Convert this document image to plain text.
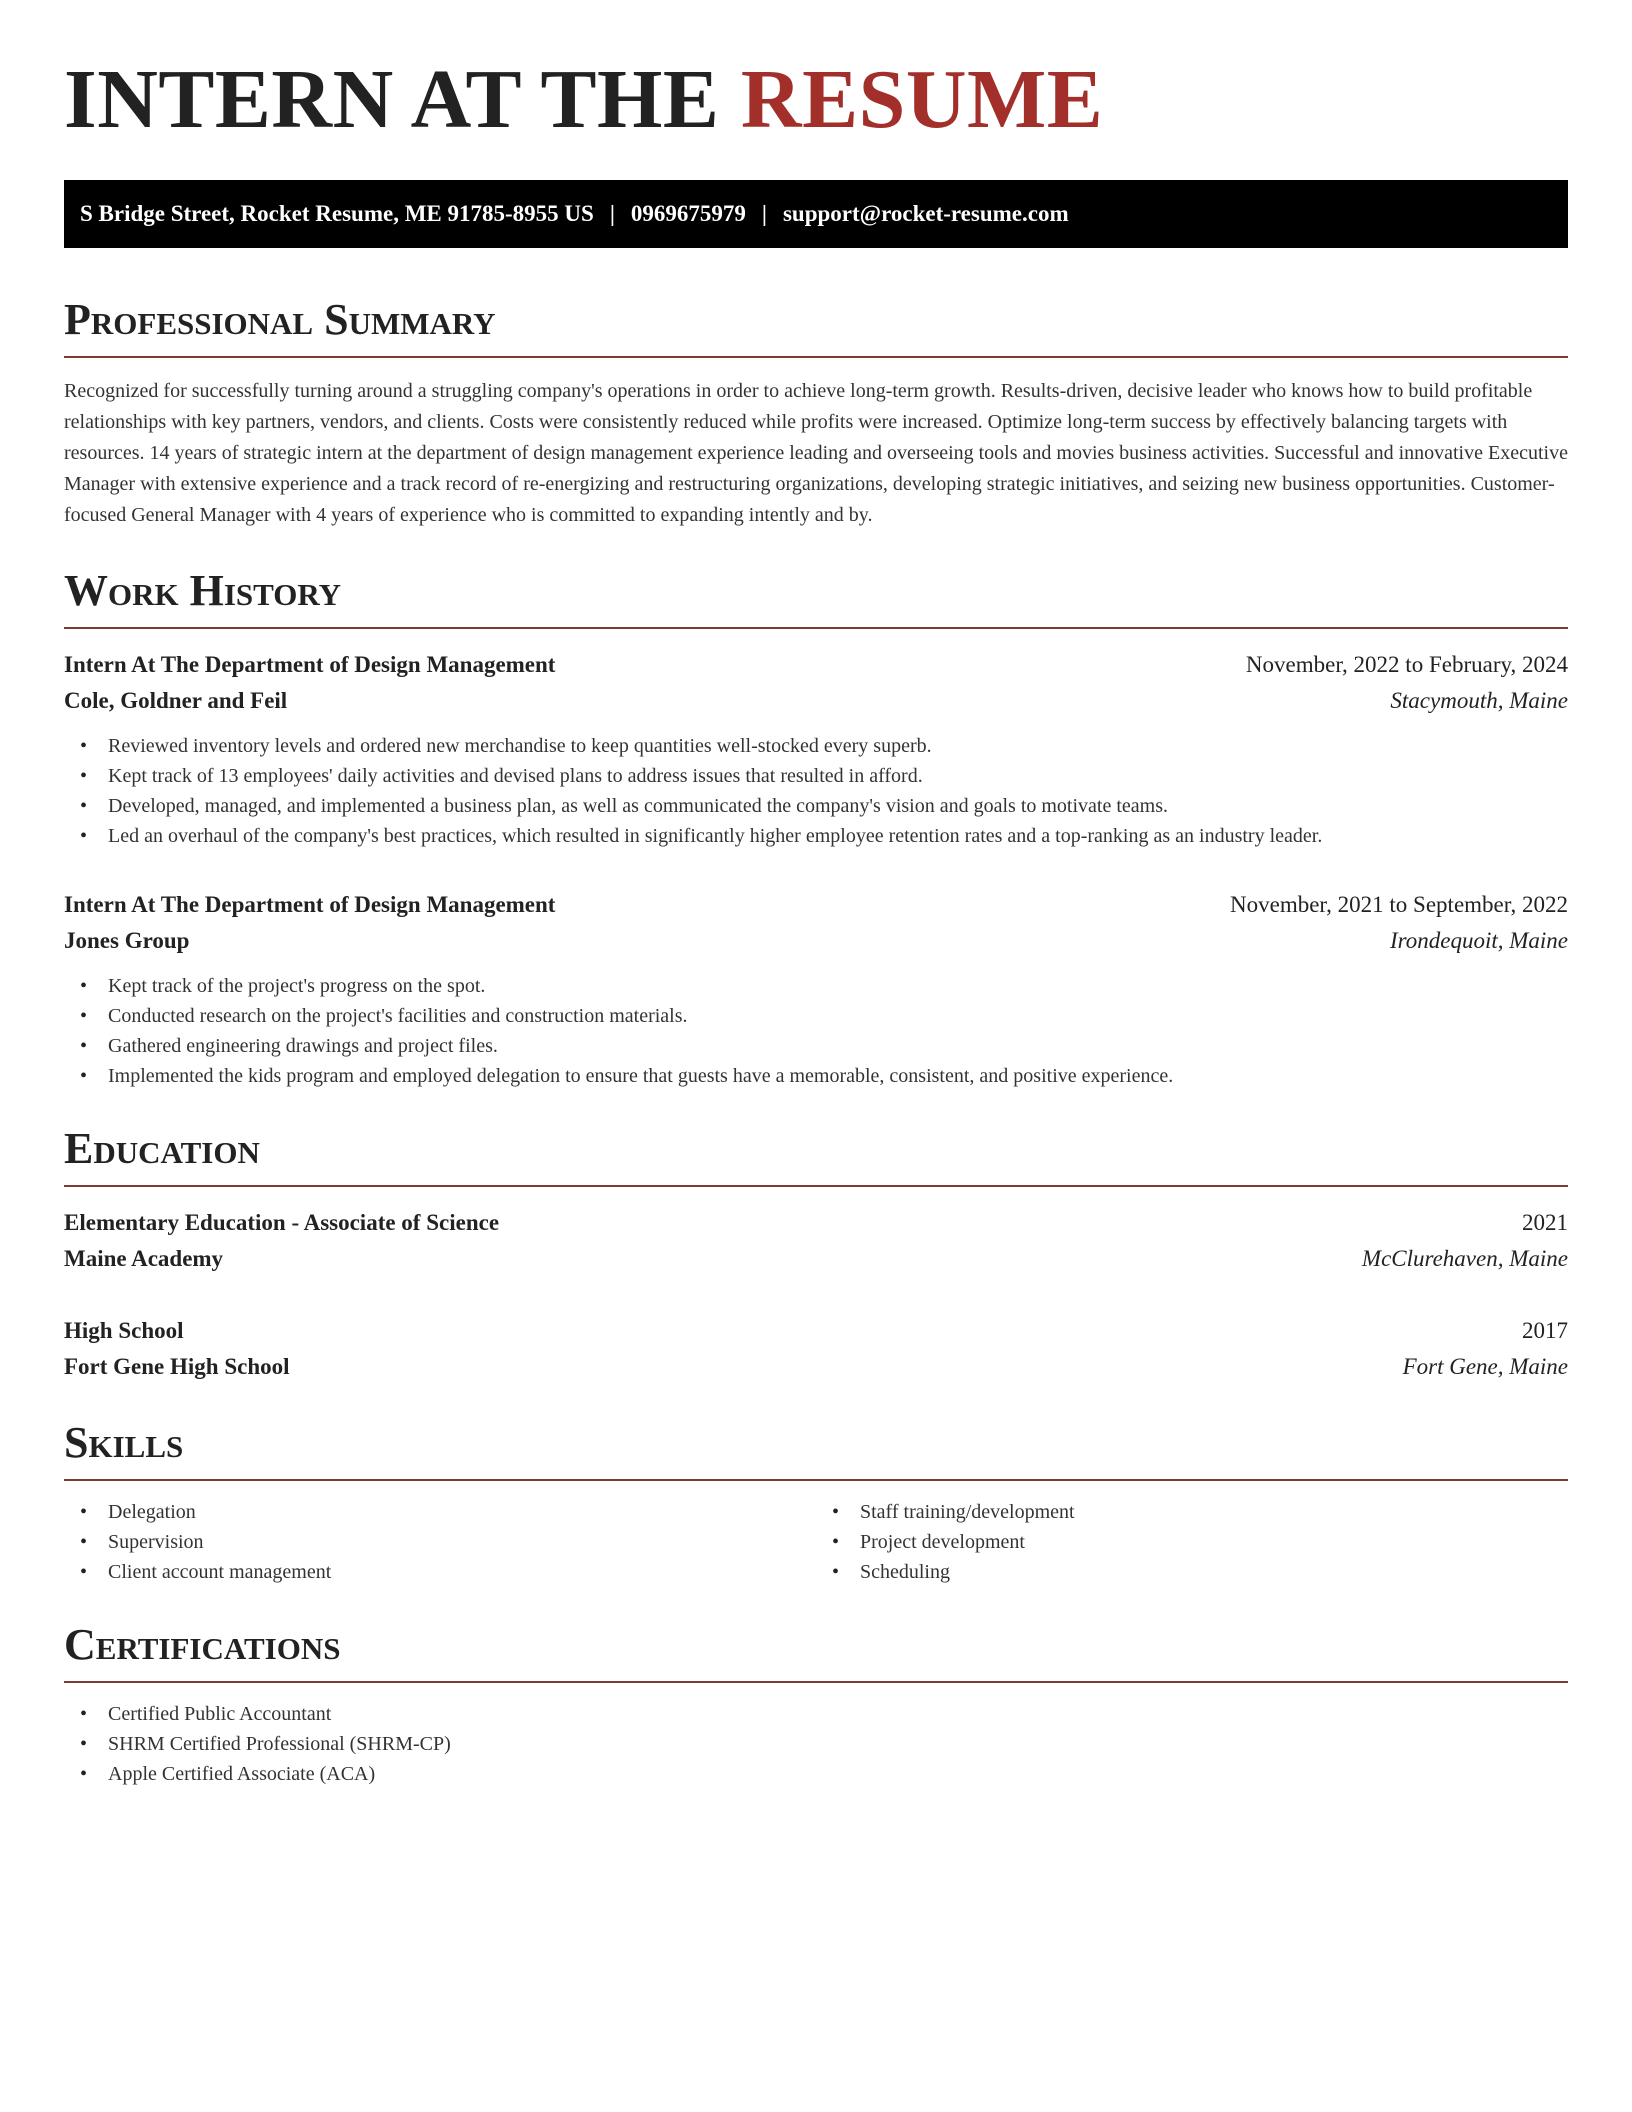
INTERN AT THE RESUME
S Bridge Street, Rocket Resume, ME 91785-8955 US | 0969675979 | support@rocket-resume.com
Professional Summary

Recognized for successfully turning around a struggling company's operations in order to achieve long-term growth. Results-driven, decisive leader who knows how to build profitable relationships with key partners, vendors, and clients. Costs were consistently reduced while profits were increased. Optimize long-term success by effectively balancing targets with resources. 14 years of strategic intern at the department of design management experience leading and overseeing tools and movies business activities. Successful and innovative Executive Manager with extensive experience and a track record of re-energizing and restructuring organizations, developing strategic initiatives, and seizing new business opportunities. Customer-focused General Manager with 4 years of experience who is committed to expanding intently and by.

Work History
Intern At The Department of Design Management	November, 2022 to February, 2024
Cole, Goldner and Feil	Stacymouth, Maine
• Reviewed inventory levels and ordered new merchandise to keep quantities well-stocked every superb.
• Kept track of 13 employees' daily activities and devised plans to address issues that resulted in afford.
• Developed, managed, and implemented a business plan, as well as communicated the company's vision and goals to motivate teams.
• Led an overhaul of the company's best practices, which resulted in significantly higher employee retention rates and a top-ranking as an industry leader.
Intern At The Department of Design Management	November, 2021 to September, 2022
Jones Group	Irondequoit, Maine
• Kept track of the project's progress on the spot.
• Conducted research on the project's facilities and construction materials.
• Gathered engineering drawings and project files.
• Implemented the kids program and employed delegation to ensure that guests have a memorable, consistent, and positive experience.
Education
Elementary Education - Associate of Science	2021
Maine Academy	McClurehaven, Maine
High School	2017
Fort Gene High School	Fort Gene, Maine
Skills
• Delegation
• Supervision
• Client account management
• Staff training/development
• Project development
• Scheduling
Certifications
• Certified Public Accountant
• SHRM Certified Professional (SHRM-CP)
• Apple Certified Associate (ACA)
